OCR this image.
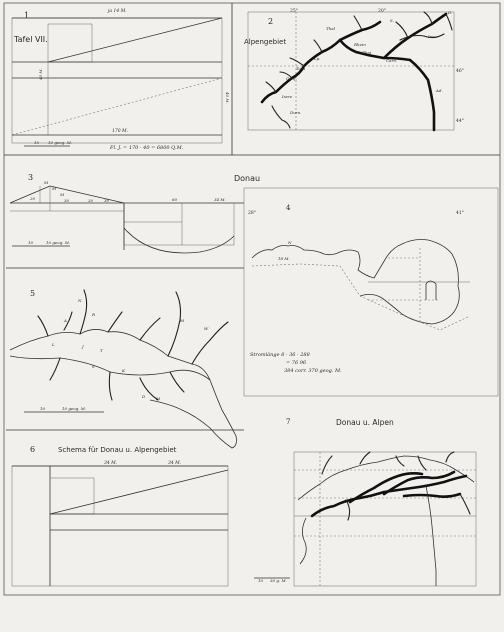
1
Tafel VII.
ja 14 M.
40 M.
40 M.
170 M.
10 10 geog. M.
Fl. J. = 170 · 40 = 6800 Q.M.
2
Alpengebiet
25°	20°
46°
44°
Thal
Rhein
Rhoi
Lp.
Tosa
Genf.
Isere
Durn.
Carn.
Ad.
S.
Inn
D.
3	Donau
M
M
M
20	30	20	30	60	34 M.
10	10 geog. M.
4
28°	41°
N
18 M.
Stromlänge 8 · 36 · 288
= 76 96
384 corr. 370 geog. M.
5
N
R
A	M
W
L	J
T
S
K
D	M
10	10 geog. M.
6	Schema für Donau u. Alpengebiet
34 M.	34 M.
7	Donau u. Alpen
10 30 g. M.
